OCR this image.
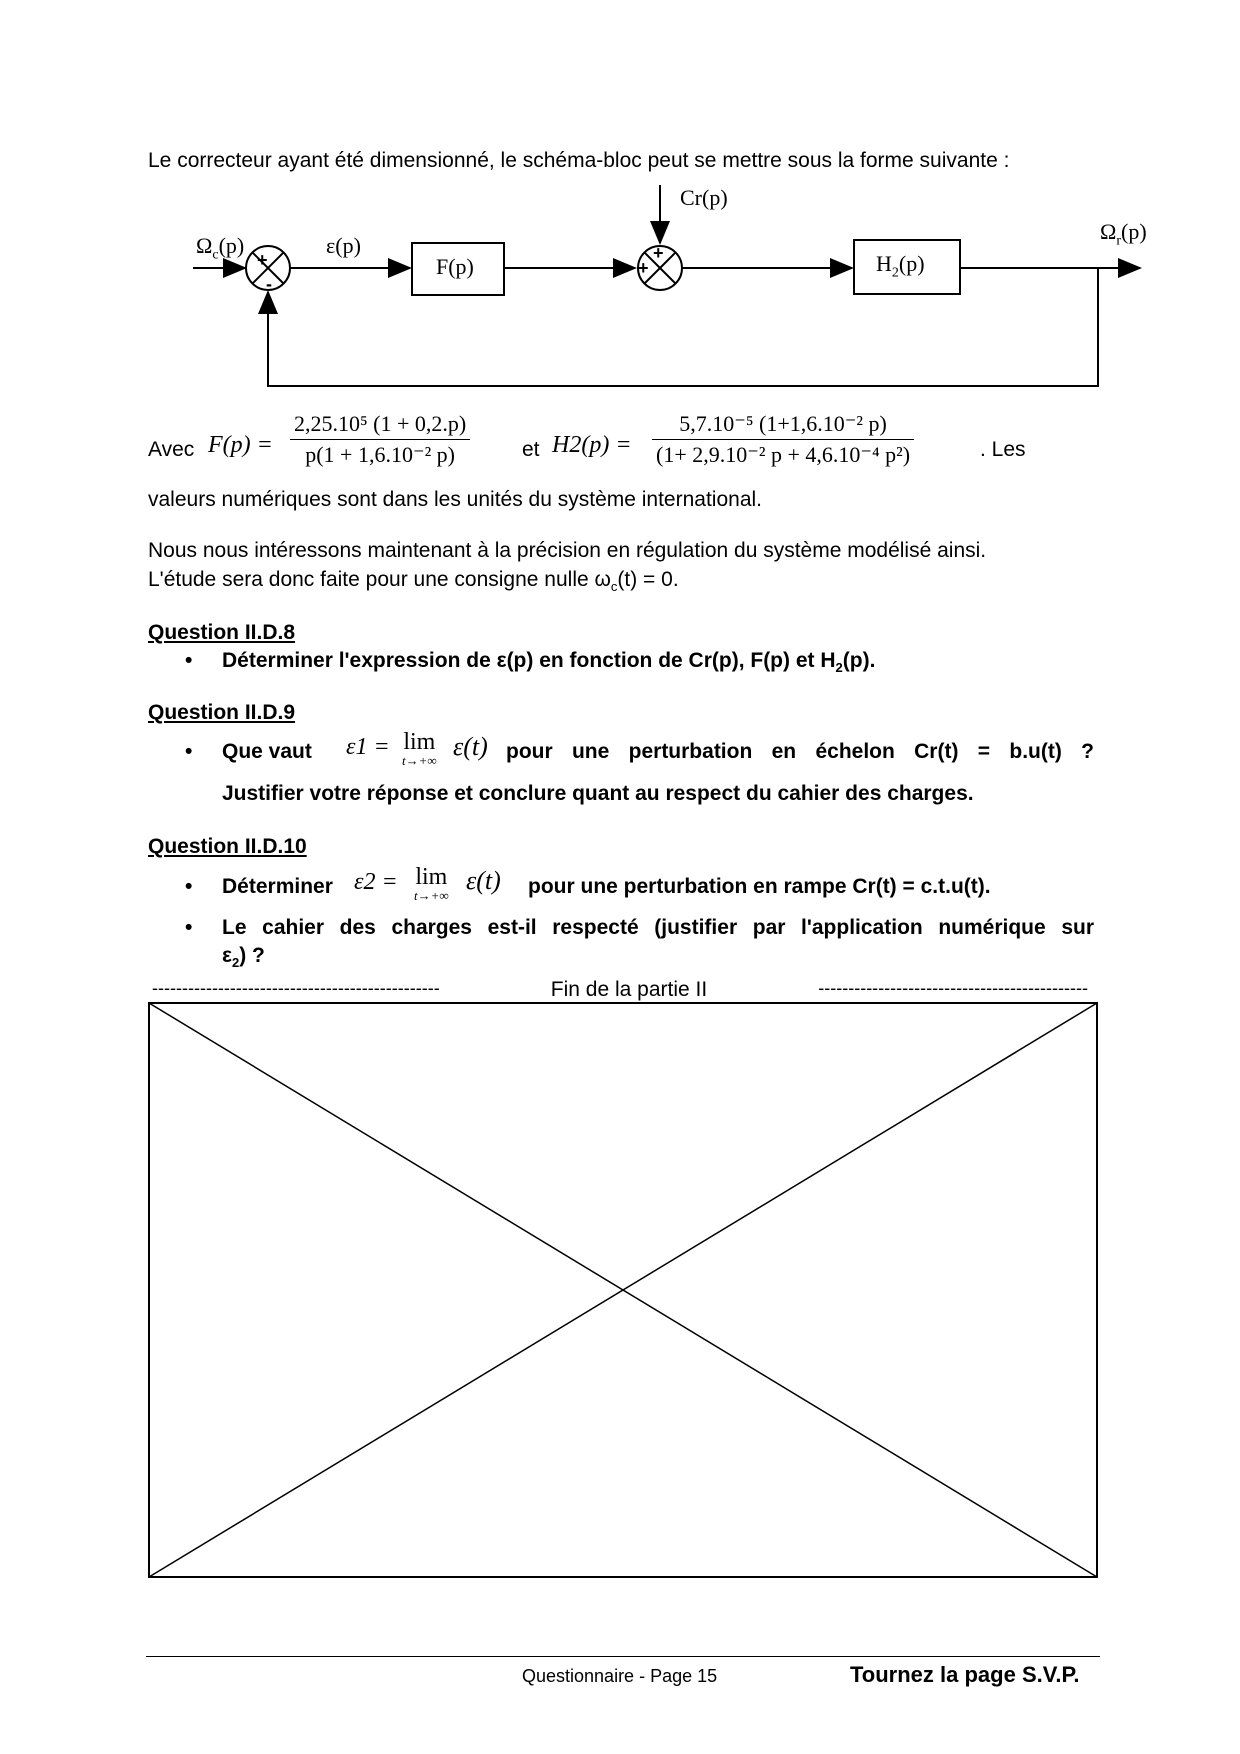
Le correcteur ayant été dimensionné, le schéma-bloc peut se mettre sous la forme suivante :
$\Omega_c(p)$	ε(p)
F(p)
Cr(p)
$H_2(p)$
$\Omega_r(p)$
+
-
+
+
Avec $F(p) = \frac{\text{2,25.10⁵ (1 + 0,2.p)}}{\text{p(1 + 1,6.10⁻² p)}}$ et $H2(p) = \frac{\text{5,7.10⁻⁵ (1+1,6.10⁻² p)}}{\text{(1+ 2,9.10⁻² p + 4,6.10⁻⁴ p²)}}$	. Les
valeurs numériques sont dans les unités du système international.
Nous nous intéressons maintenant à la précision en régulation du système modélisé ainsi.
L'étude sera donc faite pour une consigne nulle $\omega_c(t) = 0$.
Question II.D.8
• Déterminer l'expression de ε(p) en fonction de Cr(p), F(p) et $H_2(p)$.
Question II.D.9
• Que vaut ε1 = lim
t→+∞ ε(t) pour une perturbation en échelon Cr(t) = b.u(t) ?
Justifier votre réponse et conclure quant au respect du cahier des charges.
Question II.D.10
• Déterminer ε2 = lim
t→+∞
ε(t) pour une perturbation en rampe Cr(t) = c.t.u(t).
• Le cahier des charges est-il respecté (justifier par l'application numérique sur
$\varepsilon_2$) ?
------------------------------------------------	Fin de la partie II	---------------------------------------------
Questionnaire - Page 15	Tournez la page S.V.P.
